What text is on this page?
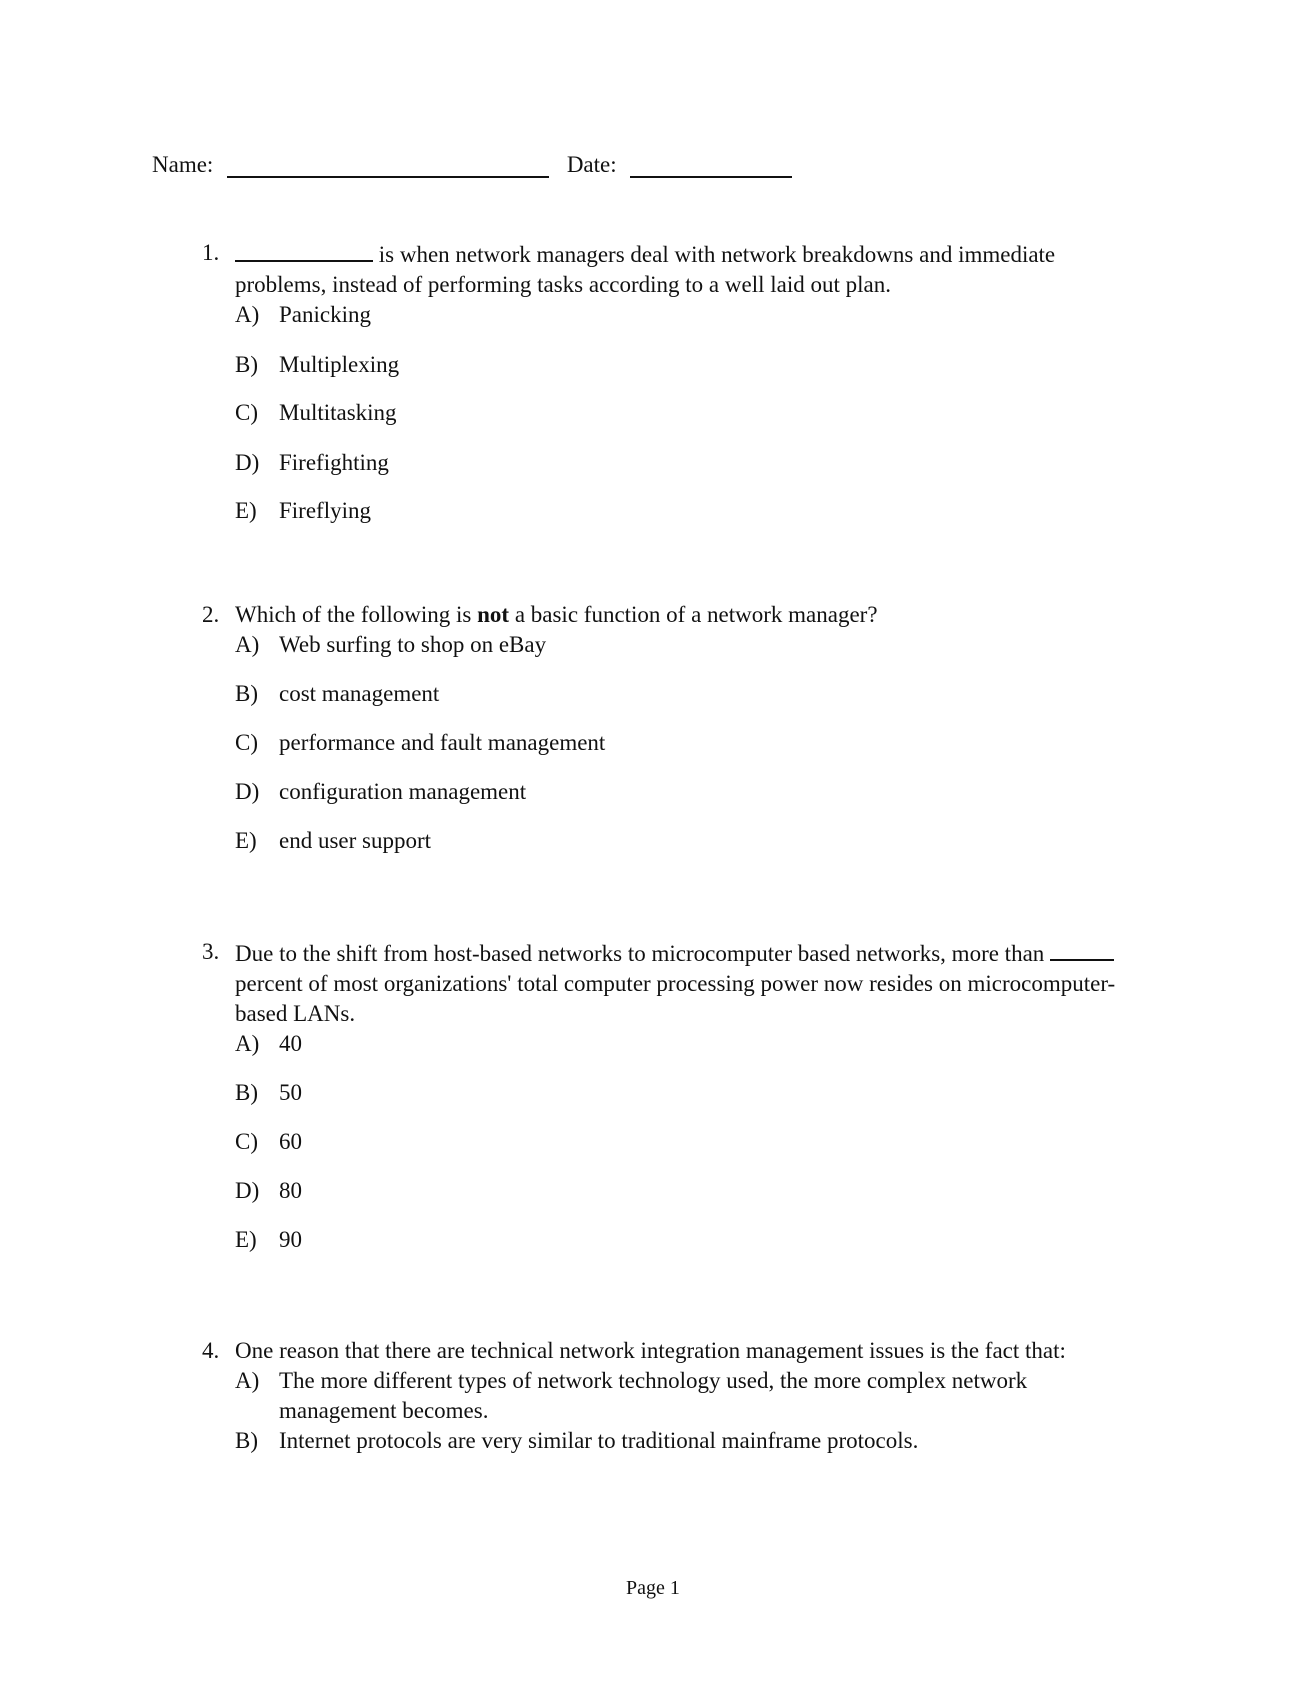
Name:	Date:
1.	is when network managers deal with network breakdowns and immediate problems, instead of performing tasks according to a well laid out plan.
A) Panicking
B) Multiplexing
C) Multitasking
D) Firefighting
E) Fireflying
2. Which of the following is not a basic function of a network manager?
A) Web surfing to shop on eBay
B) cost management
C) performance and fault management
D) configuration management
E) end user support
3. Due to the shift from host-based networks to microcomputer based networks, more than  percent of most organizations' total computer processing power now resides on microcomputer-based LANs.
A) 40
B) 50
C) 60
D) 80
E) 90
4. One reason that there are technical network integration management issues is the fact that:
A) The more different types of network technology used, the more complex network management becomes.
B) Internet protocols are very similar to traditional mainframe protocols.
Page 1
